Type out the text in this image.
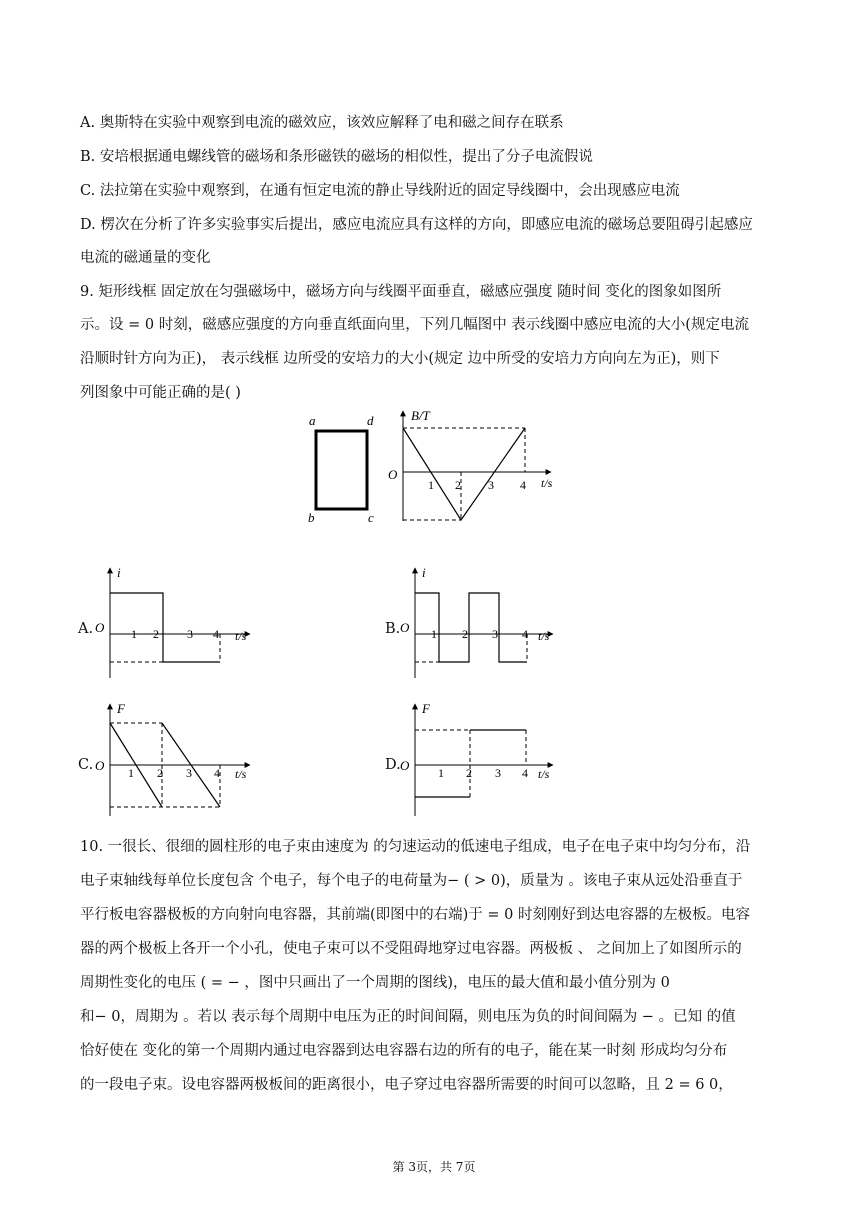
A. 奥斯特在实验中观察到电流的磁效应，该效应解释了电和磁之间存在联系
B. 安培根据通电螺线管的磁场和条形磁铁的磁场的相似性，提出了分子电流假说
C. 法拉第在实验中观察到，在通有恒定电流的静止导线附近的固定导线圈中，会出现感应电流
D. 楞次在分析了许多实验事实后提出，感应电流应具有这样的方向，即感应电流的磁场总要阻碍引起感应
电流的磁通量的变化
9. 矩形线框 固定放在匀强磁场中，磁场方向与线圈平面垂直，磁感应强度 随时间 变化的图象如图所
示。设 = 0 时刻，磁感应强度的方向垂直纸面向里，下列几幅图中 表示线圈中感应电流的大小(规定电流
沿顺时针方向为正)， 表示线框 边所受的安培力的大小(规定 边中所受的安培力方向向左为正)，则下
列图象中可能正确的是( )
a	d
b	c
B/T
t/s
O
1 2 3 4
A.
i
t/s
O 1 2 3 4	B.
i
t/s
O 1 2 3 4
C.
F
t/s
O 1 2 3 4	D.
F
t/s
O 1 2 3 4
10. 一很长、很细的圆柱形的电子束由速度为 的匀速运动的低速电子组成，电子在电子束中均匀分布，沿
电子束轴线每单位长度包含 个电子，每个电子的电荷量为− ( > 0)，质量为 。该电子束从远处沿垂直于
平行板电容器极板的方向射向电容器，其前端(即图中的右端)于 = 0 时刻刚好到达电容器的左极板。电容
器的两个极板上各开一个小孔，使电子束可以不受阻碍地穿过电容器。两极板 、 之间加上了如图所示的
周期性变化的电压 ( = − ，图中只画出了一个周期的图线)，电压的最大值和最小值分别为 0
和− 0，周期为 。若以 表示每个周期中电压为正的时间间隔，则电压为负的时间间隔为 − 。已知 的值
恰好使在 变化的第一个周期内通过电容器到达电容器右边的所有的电子，能在某一时刻 形成均匀分布
的一段电子束。设电容器两极板间的距离很小，电子穿过电容器所需要的时间可以忽略，且 2 = 6 0，
第 3页，共 7页
